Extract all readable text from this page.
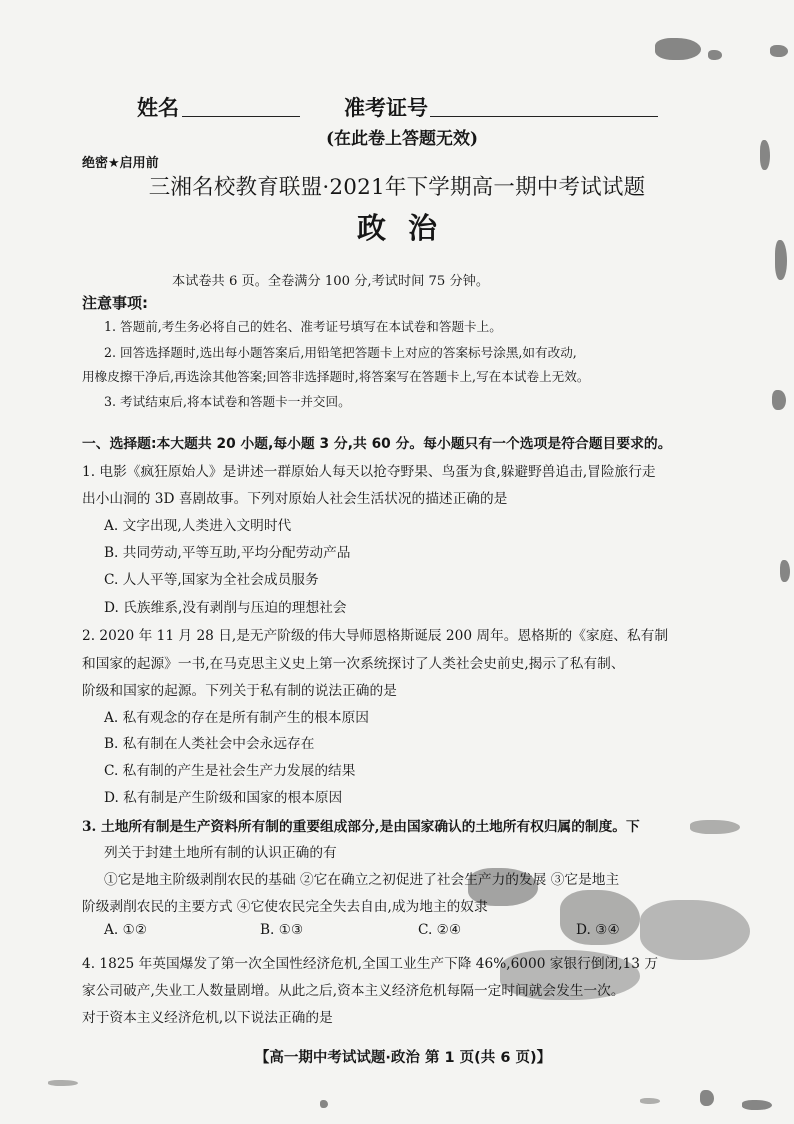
姓名	准考证号
(在此卷上答题无效)
绝密★启用前
三湘名校教育联盟·2021年下学期高一期中考试试题
政治
本试卷共 6 页。全卷满分 100 分,考试时间 75 分钟。
注意事项:
1. 答题前,考生务必将自己的姓名、准考证号填写在本试卷和答题卡上。
2. 回答选择题时,选出每小题答案后,用铅笔把答题卡上对应的答案标号涂黑,如有改动,
用橡皮擦干净后,再选涂其他答案;回答非选择题时,将答案写在答题卡上,写在本试卷上无效。
3. 考试结束后,将本试卷和答题卡一并交回。
一、选择题:本大题共 20 小题,每小题 3 分,共 60 分。每小题只有一个选项是符合题目要求的。
1. 电影《疯狂原始人》是讲述一群原始人每天以抢夺野果、鸟蛋为食,躲避野兽追击,冒险旅行走
出小山洞的 3D 喜剧故事。下列对原始人社会生活状况的描述正确的是
A. 文字出现,人类进入文明时代
B. 共同劳动,平等互助,平均分配劳动产品
C. 人人平等,国家为全社会成员服务
D. 氏族维系,没有剥削与压迫的理想社会
2. 2020 年 11 月 28 日,是无产阶级的伟大导师恩格斯诞辰 200 周年。恩格斯的《家庭、私有制
和国家的起源》一书,在马克思主义史上第一次系统探讨了人类社会史前史,揭示了私有制、
阶级和国家的起源。下列关于私有制的说法正确的是
A. 私有观念的存在是所有制产生的根本原因
B. 私有制在人类社会中会永远存在
C. 私有制的产生是社会生产力发展的结果
D. 私有制是产生阶级和国家的根本原因
3. 土地所有制是生产资料所有制的重要组成部分,是由国家确认的土地所有权归属的制度。下
列关于封建土地所有制的认识正确的有
①它是地主阶级剥削农民的基础 ②它在确立之初促进了社会生产力的发展 ③它是地主
阶级剥削农民的主要方式 ④它使农民完全失去自由,成为地主的奴隶
A. ①②	B. ①③	C. ②④	D. ③④
4. 1825 年英国爆发了第一次全国性经济危机,全国工业生产下降 46%,6000 家银行倒闭,13 万
家公司破产,失业工人数量剧增。从此之后,资本主义经济危机每隔一定时间就会发生一次。
对于资本主义经济危机,以下说法正确的是
【高一期中考试试题·政治 第 1 页(共 6 页)】
